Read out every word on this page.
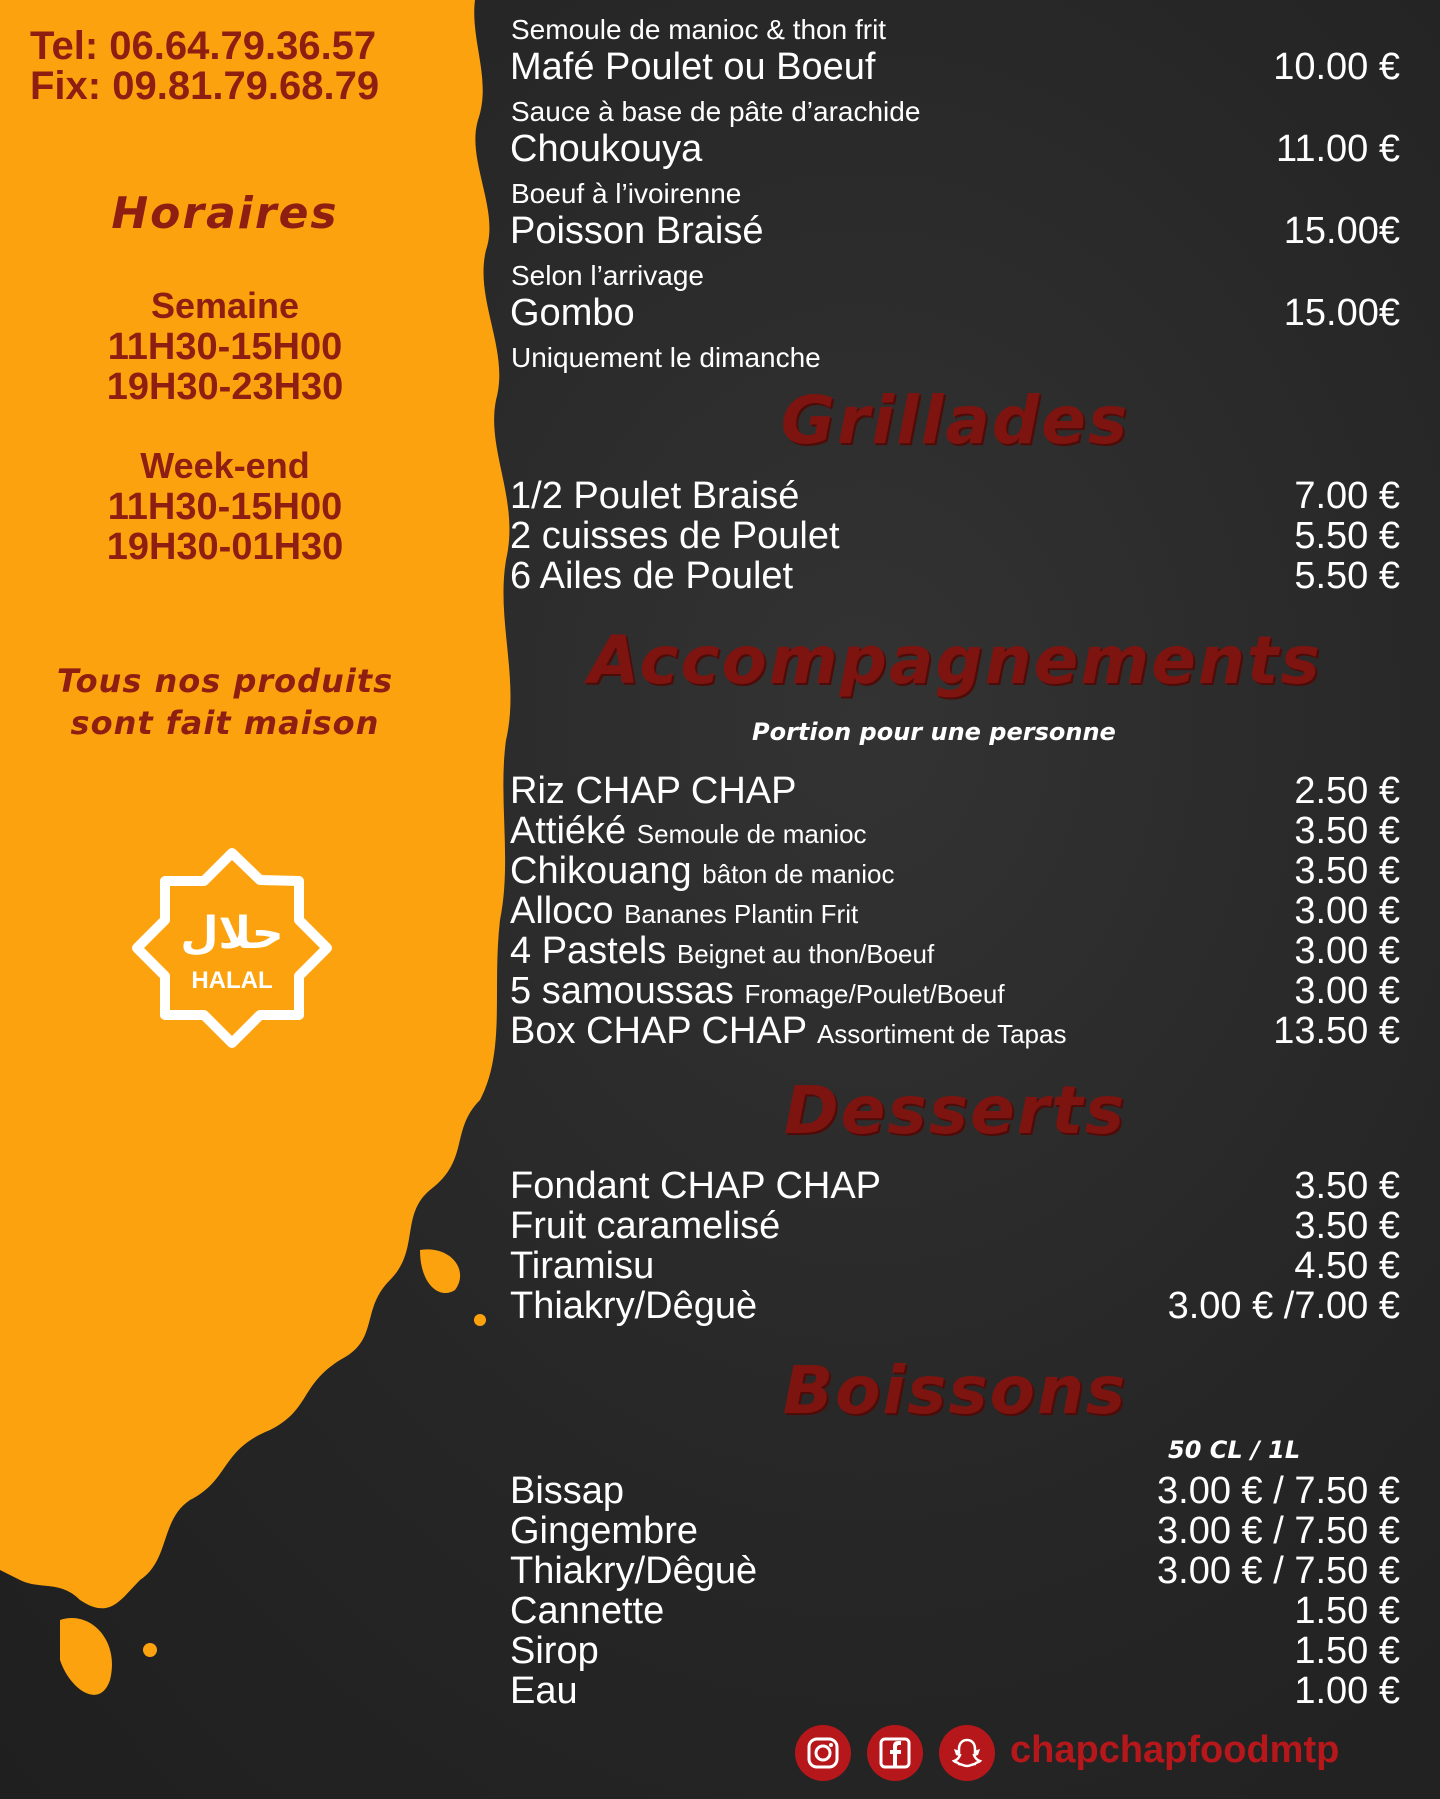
Tel: 06.64.79.36.57
Fix: 09.81.79.68.79
Horaires
Semaine
11H30-15H00
19H30-23H30
Week-end
11H30-15H00
19H30-01H30
Tous nos produits
sont fait maison
حلال
HALAL
Semoule de manioc & thon frit
Mafé Poulet ou Boeuf	10.00 €
Sauce à base de pâte d’arachide
Choukouya	11.00 €
Boeuf à l’ivoirenne
Poisson Braisé	15.00€
Selon l’arrivage
Gombo	15.00€
Uniquement le dimanche
Grillades
1/2 Poulet Braisé	7.00 €
2 cuisses de Poulet	5.50 €
6 Ailes de Poulet	5.50 €
Accompagnements
Portion pour une personne
Riz CHAP CHAP	2.50 €
Attiéké Semoule de manioc	3.50 €
Chikouang bâton de manioc	3.50 €
Alloco Bananes Plantin Frit	3.00 €
4 Pastels Beignet au thon/Boeuf	3.00 €
5 samoussas Fromage/Poulet/Boeuf	3.00 €
Box CHAP CHAP Assortiment de Tapas	13.50 €
Desserts
Fondant CHAP CHAP	3.50 €
Fruit caramelisé	3.50 €
Tiramisu	4.50 €
Thiakry/Dêguè	3.00 € /7.00 €
Boissons
50 CL / 1L
Bissap	3.00 € / 7.50 €
Gingembre	3.00 € / 7.50 €
Thiakry/Dêguè	3.00 € / 7.50 €
Cannette	1.50 €
Sirop	1.50 €
Eau	1.00 €
chapchapfoodmtp
